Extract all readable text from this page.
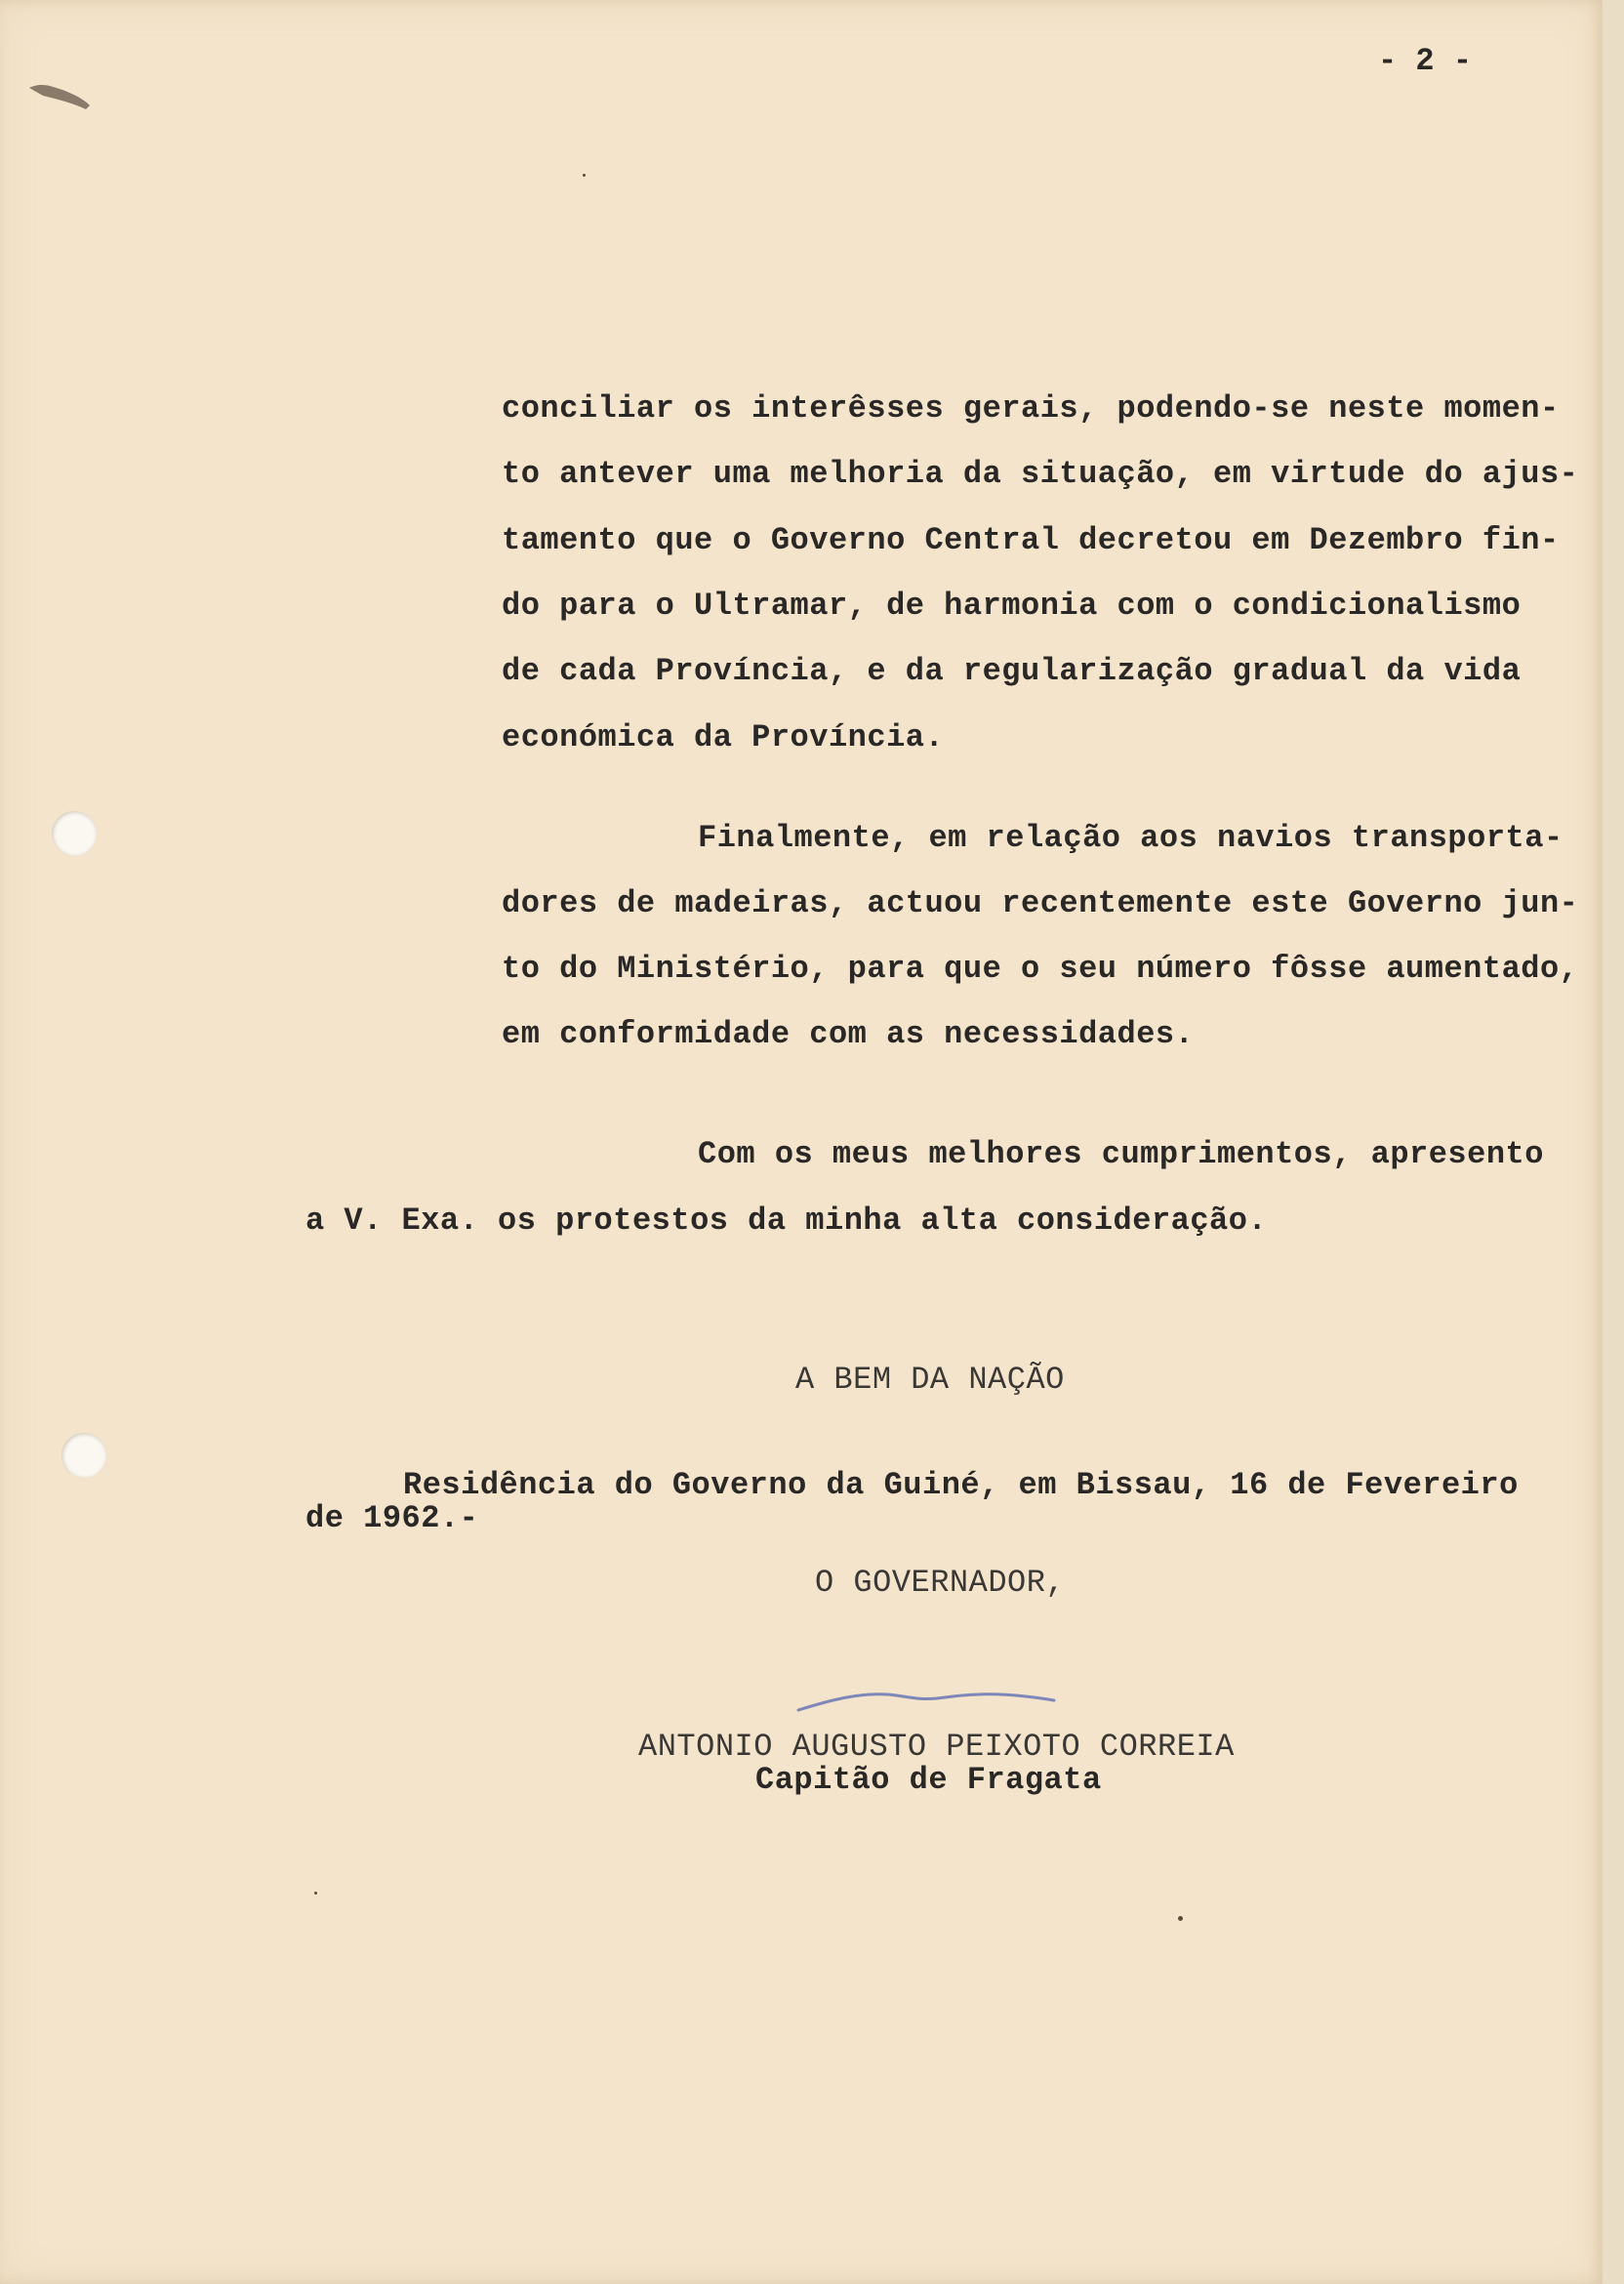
- 2 -
conciliar os interêsses gerais, podendo-se neste momen-
to antever uma melhoria da situação, em virtude do ajus-
tamento que o Governo Central decretou em Dezembro fin-
do para o Ultramar, de harmonia com o condicionalismo
de cada Província, e da regularização gradual da vida
económica da Província.
Finalmente, em relação aos navios transporta-
dores de madeiras, actuou recentemente este Governo jun-
to do Ministério, para que o seu número fôsse aumentado,
em conformidade com as necessidades.
Com os meus melhores cumprimentos, apresento
a V. Exa. os protestos da minha alta consideração.
A BEM DA NAÇÃO
Residência do Governo da Guiné, em Bissau, 16 de Fevereiro
de 1962.-
O GOVERNADOR,
ANTONIO AUGUSTO PEIXOTO CORREIA
Capitão de Fragata
